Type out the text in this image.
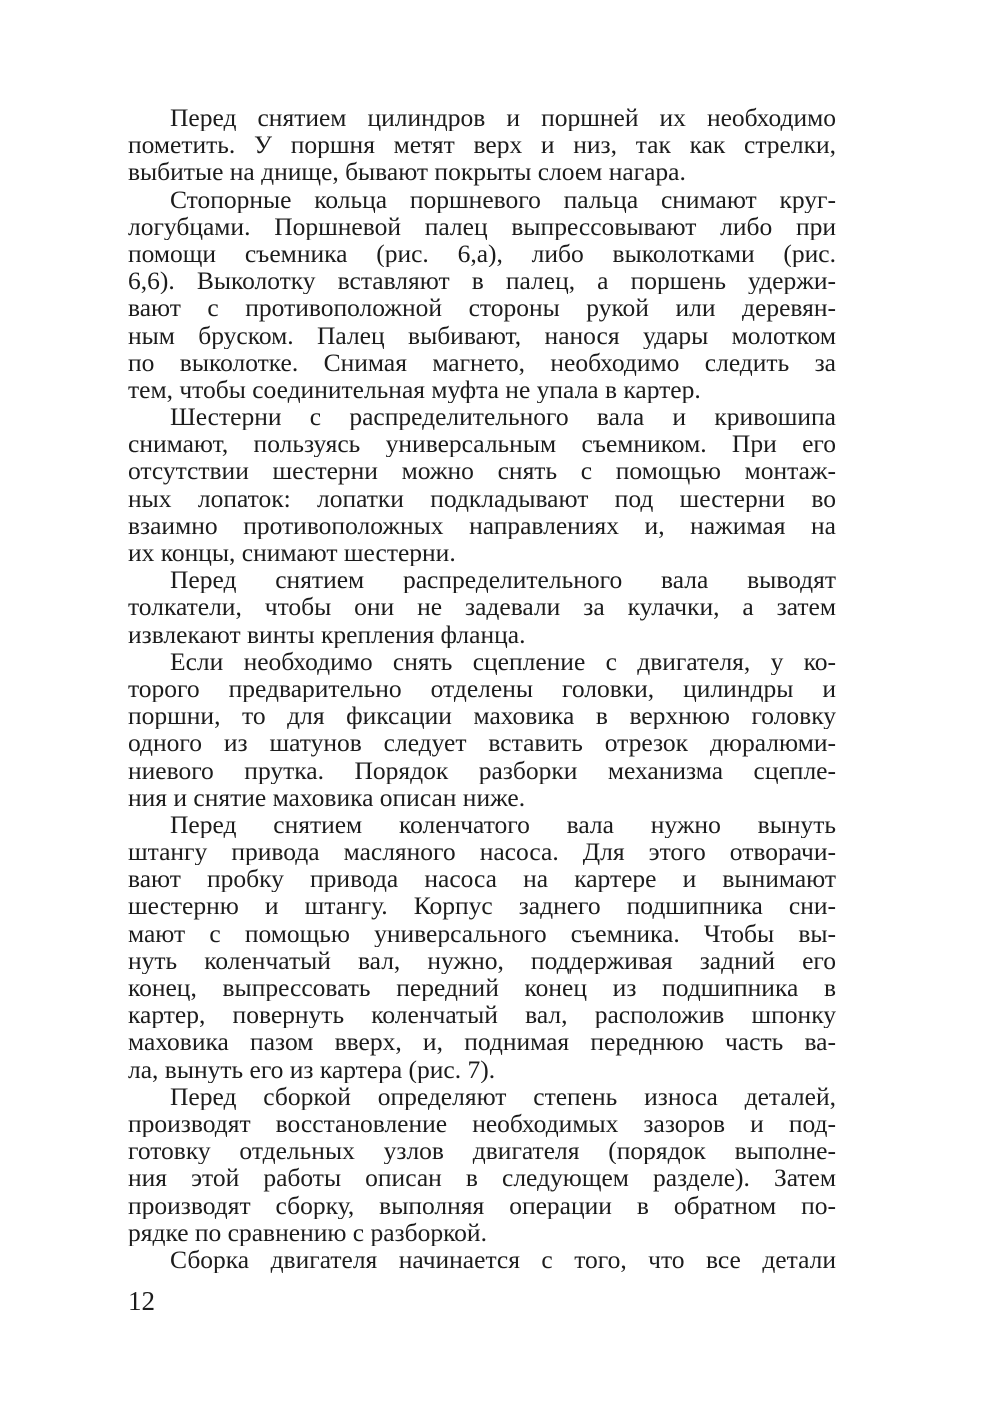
Перед снятием цилиндров и поршней их необходимо
пометить. У поршня метят верх и низ, так как стрелки,
выбитые на днище, бывают покрыты слоем нагара.
Стопорные кольца поршневого пальца снимают круг-
логубцами. Поршневой палец выпрессовывают либо при
помощи съемника (рис. 6,а), либо выколотками (рис.
6,6). Выколотку вставляют в палец, а поршень удержи-
вают с противоположной стороны рукой или деревян-
ным бруском. Палец выбивают, нанося удары молотком
по выколотке. Снимая магнето, необходимо следить за
тем, чтобы соединительная муфта не упала в картер.
Шестерни с распределительного вала и кривошипа
снимают, пользуясь универсальным съемником. При его
отсутствии шестерни можно снять с помощью монтаж-
ных лопаток: лопатки подкладывают под шестерни во
взаимно противоположных направлениях и, нажимая на
их концы, снимают шестерни.
Перед снятием распределительного вала выводят
толкатели, чтобы они не задевали за кулачки, а затем
извлекают винты крепления фланца.
Если необходимо снять сцепление с двигателя, у ко-
торого предварительно отделены головки, цилиндры и
поршни, то для фиксации маховика в верхнюю головку
одного из шатунов следует вставить отрезок дюралюми-
ниевого прутка. Порядок разборки механизма сцепле-
ния и снятие маховика описан ниже.
Перед снятием коленчатого вала нужно вынуть
штангу привода масляного насоса. Для этого отворачи-
вают пробку привода насоса на картере и вынимают
шестерню и штангу. Корпус заднего подшипника сни-
мают с помощью универсального съемника. Чтобы вы-
нуть коленчатый вал, нужно, поддерживая задний его
конец, выпрессовать передний конец из подшипника в
картер, повернуть коленчатый вал, расположив шпонку
маховика пазом вверх, и, поднимая переднюю часть ва-
ла, вынуть его из картера (рис. 7).
Перед сборкой определяют степень износа деталей,
производят восстановление необходимых зазоров и под-
готовку отдельных узлов двигателя (порядок выполне-
ния этой работы описан в следующем разделе). Затем
производят сборку, выполняя операции в обратном по-
рядке по сравнению с разборкой.
Сборка двигателя начинается с того, что все детали
12
